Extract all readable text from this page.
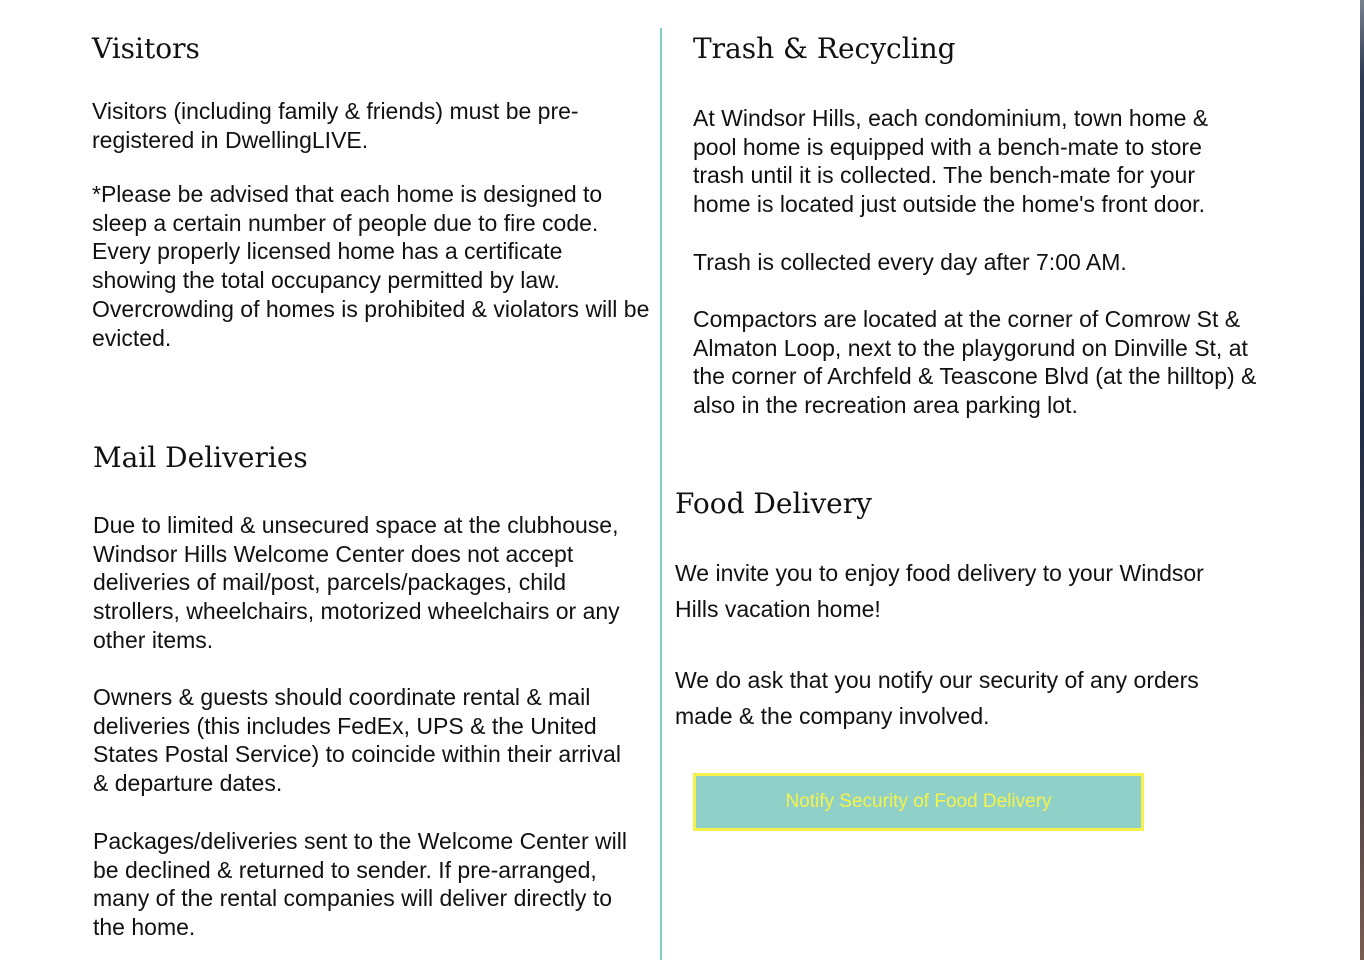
Visitors

Visitors (including family & friends) must be pre-registered in DwellingLIVE.

*Please be advised that each home is designed to sleep a certain number of people due to fire code. Every properly licensed home has a certificate showing the total occupancy permitted by law. Overcrowding of homes is prohibited & violators will be evicted.

Mail Deliveries

Due to limited & unsecured space at the clubhouse, Windsor Hills Welcome Center does not accept deliveries of mail/post, parcels/packages, child strollers, wheelchairs, motorized wheelchairs or any other items.

Owners & guests should coordinate rental & mail deliveries (this includes FedEx, UPS & the United States Postal Service) to coincide within their arrival & departure dates.

Packages/deliveries sent to the Welcome Center will be declined & returned to sender. If pre-arranged, many of the rental companies will deliver directly to the home.

Trash & Recycling

At Windsor Hills, each condominium, town home & pool home is equipped with a bench-mate to store trash until it is collected. The bench-mate for your home is located just outside the home's front door.

Trash is collected every day after 7:00 AM.

Compactors are located at the corner of Comrow St & Almaton Loop, next to the playgorund on Dinville St, at the corner of Archfeld & Teascone Blvd (at the hilltop) & also in the recreation area parking lot.

Food Delivery

We invite you to enjoy food delivery to your Windsor Hills vacation home!

We do ask that you notify our security of any orders made & the company involved.

Notify Security of Food Delivery
